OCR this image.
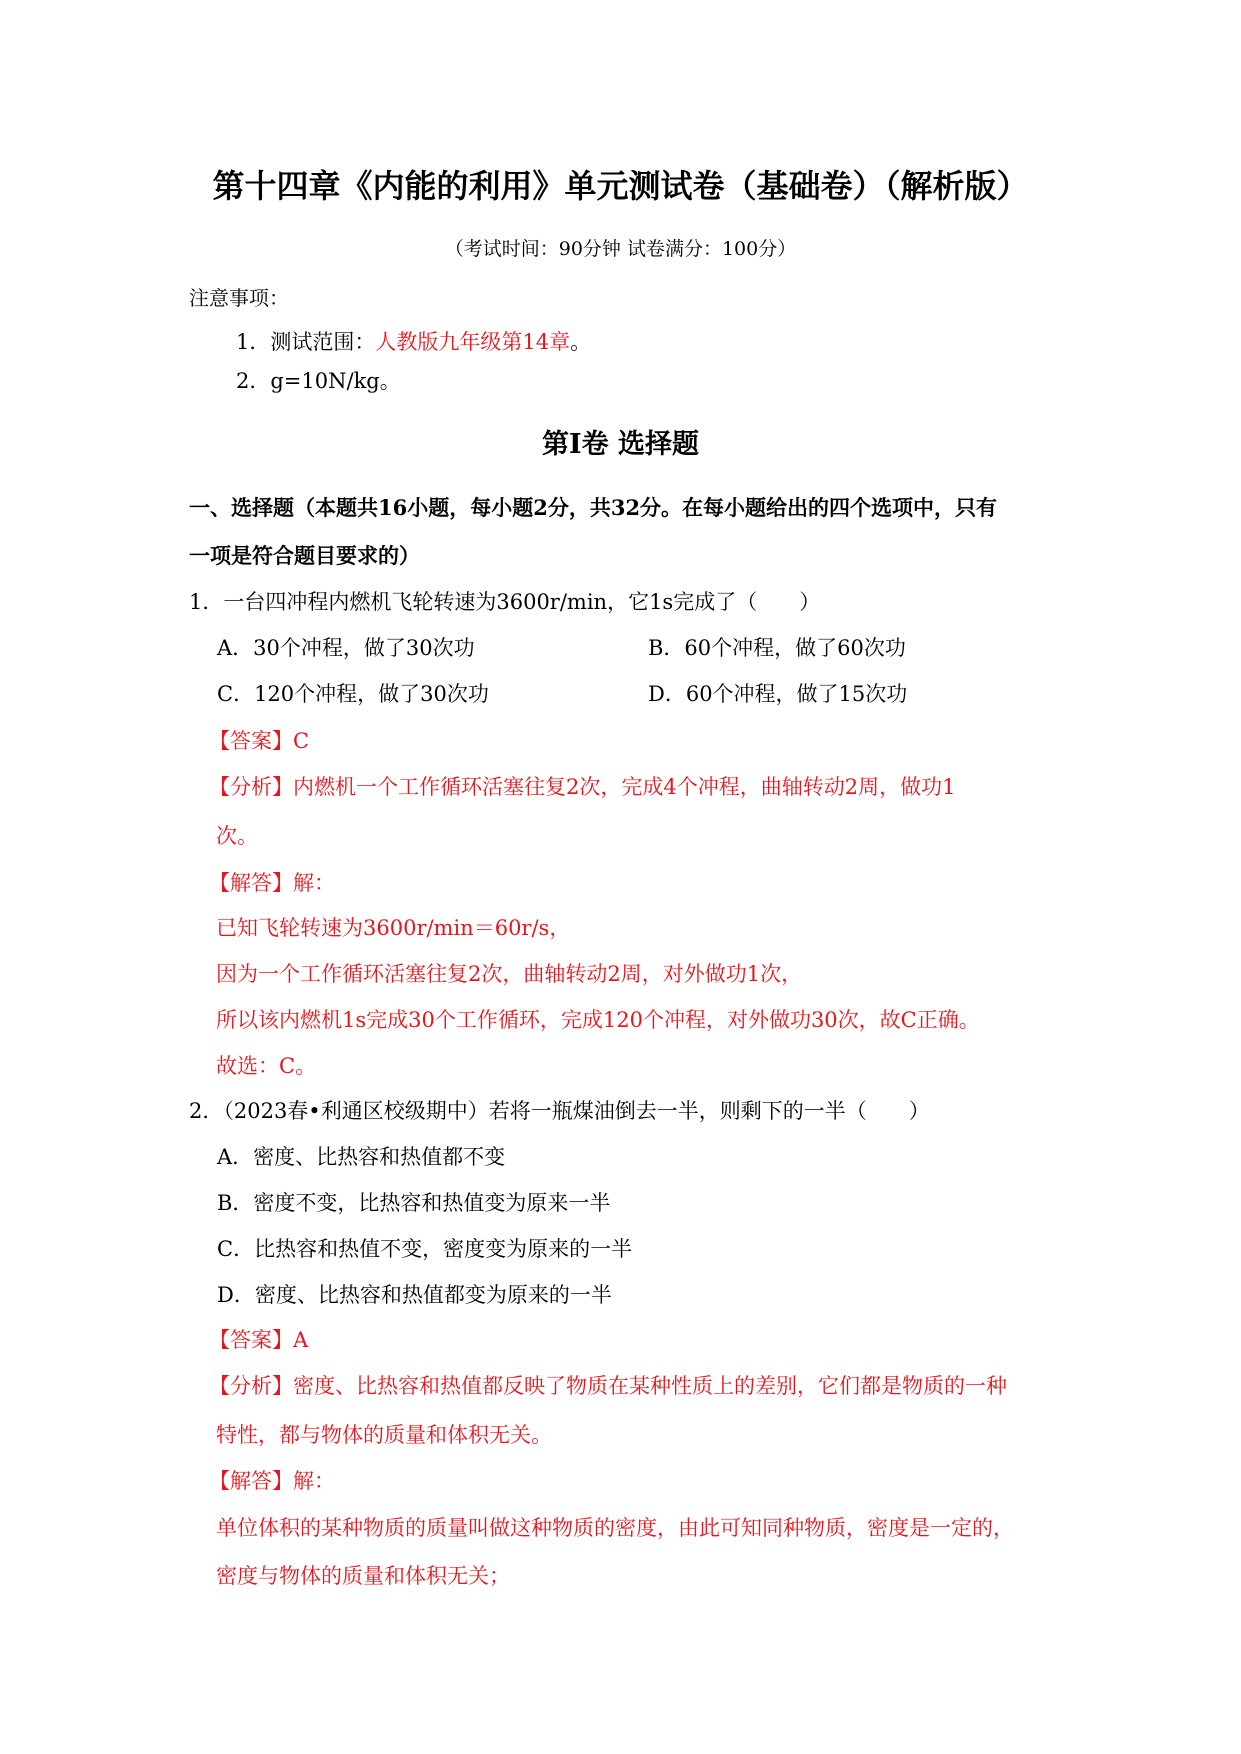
第十四章《内能的利用》单元测试卷（基础卷）（解析版）
（考试时间：90分钟 试卷满分：100分）
注意事项：
1．测试范围：人教版九年级第14章。
2．g=10N/kg。
第Ⅰ卷 选择题
一、选择题（本题共16小题，每小题2分，共32分。在每小题给出的四个选项中，只有
一项是符合题目要求的）
1．一台四冲程内燃机飞轮转速为3600r/min，它1s完成了（　　）
A．30个冲程，做了30次功	B．60个冲程，做了60次功
C．120个冲程，做了30次功	D．60个冲程，做了15次功
【答案】C
【分析】内燃机一个工作循环活塞往复2次，完成4个冲程，曲轴转动2周，做功1
次。
【解答】解：
已知飞轮转速为3600r/min＝60r/s，
因为一个工作循环活塞往复2次，曲轴转动2周，对外做功1次，
所以该内燃机1s完成30个工作循环，完成120个冲程，对外做功30次，故C正确。
故选：C。
2．（2023春•利通区校级期中）若将一瓶煤油倒去一半，则剩下的一半（　　）
A．密度、比热容和热值都不变
B．密度不变，比热容和热值变为原来一半
C．比热容和热值不变，密度变为原来的一半
D．密度、比热容和热值都变为原来的一半
【答案】A
【分析】密度、比热容和热值都反映了物质在某种性质上的差别，它们都是物质的一种
特性，都与物体的质量和体积无关。
【解答】解：
单位体积的某种物质的质量叫做这种物质的密度，由此可知同种物质，密度是一定的，
密度与物体的质量和体积无关；
